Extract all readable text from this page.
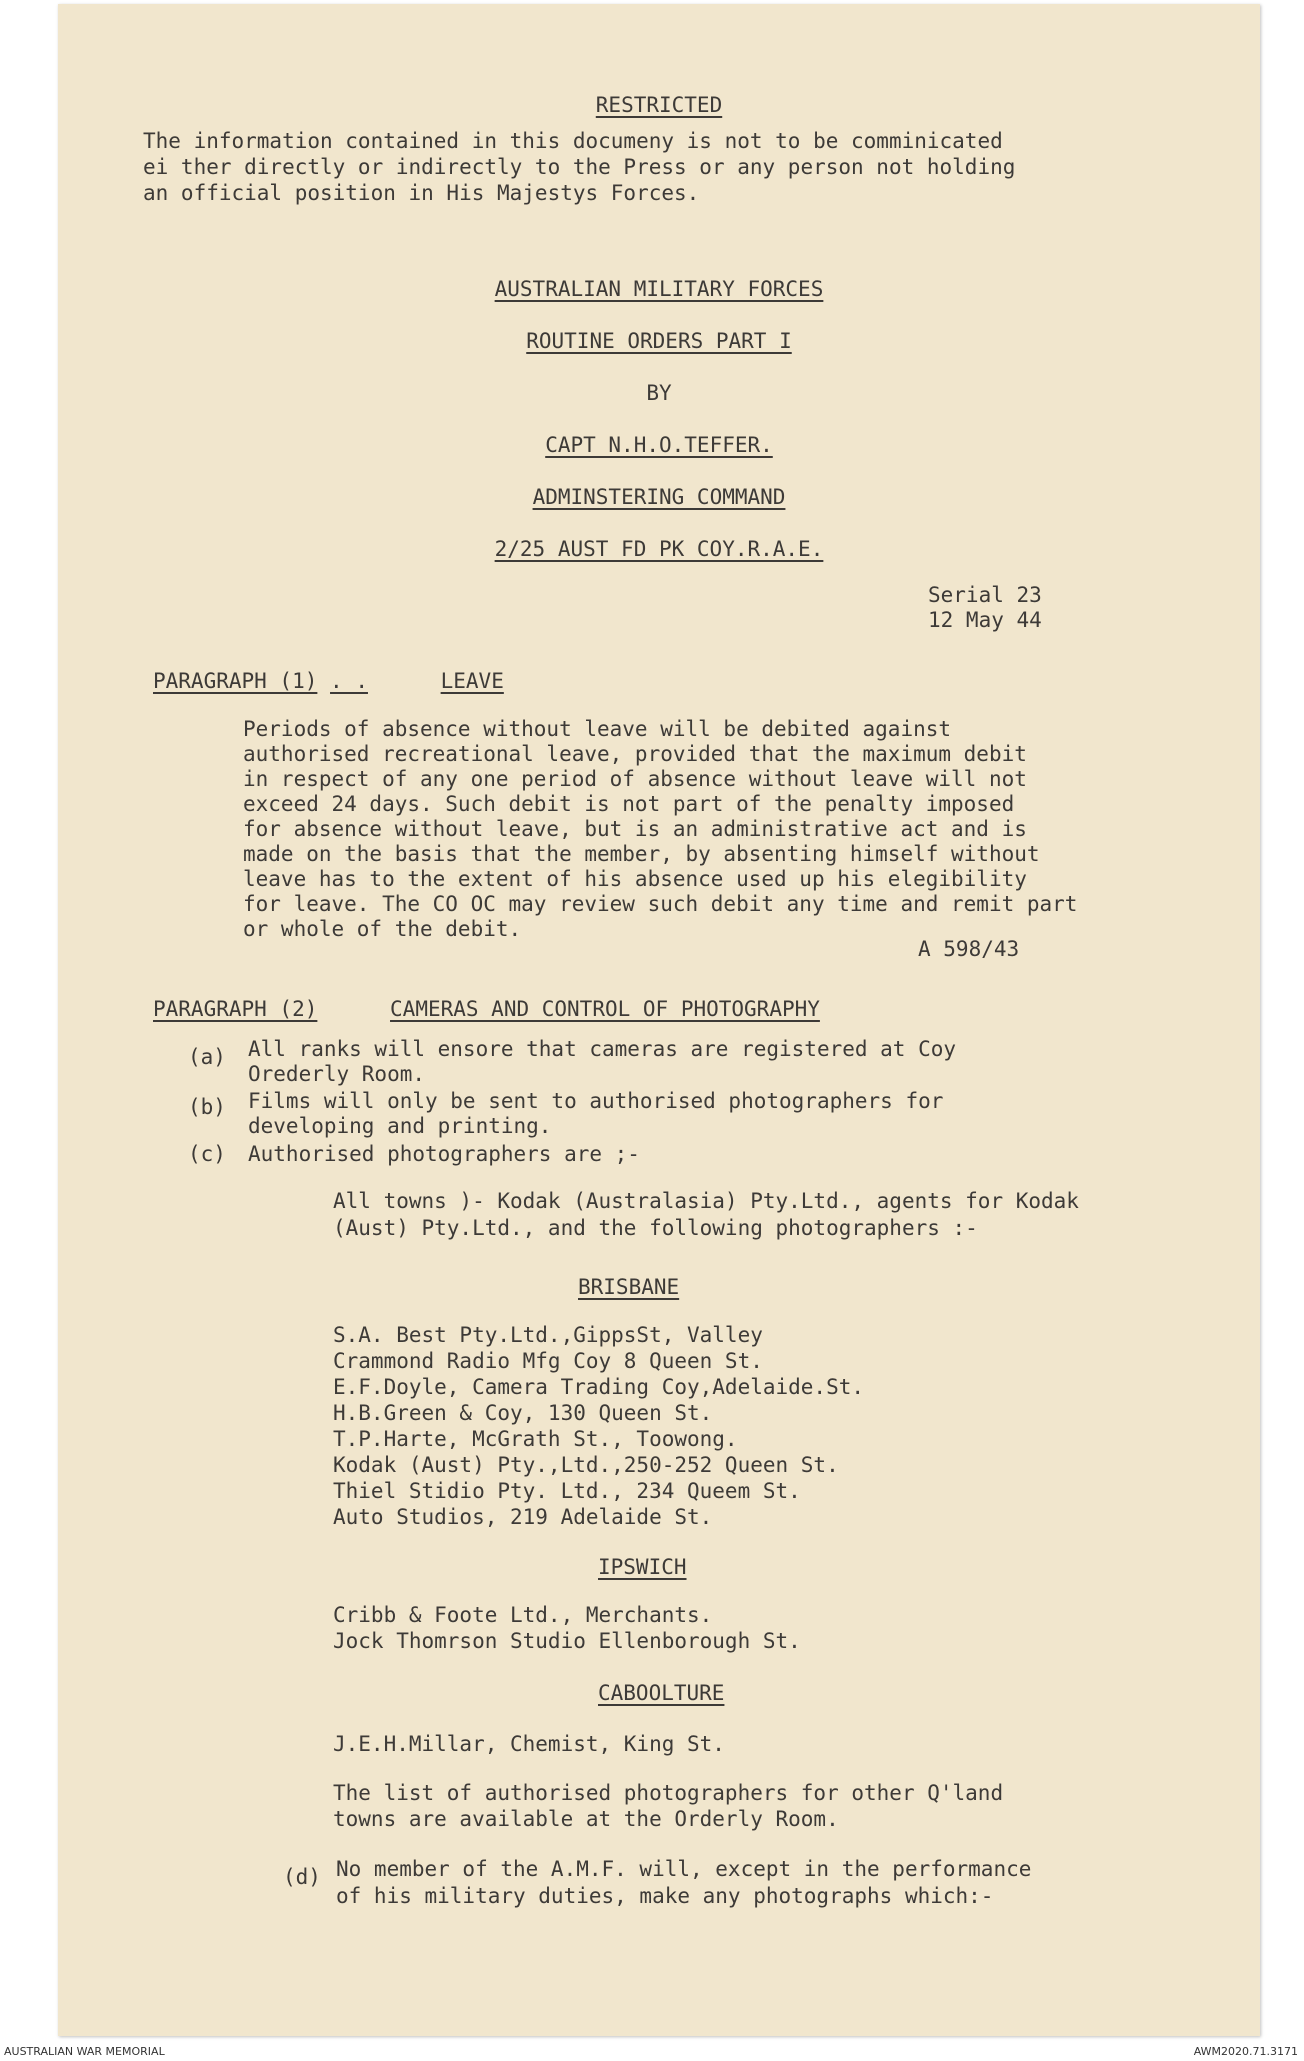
RESTRICTED
The information contained in this documeny is not to be comminicated
ei ther directly or indirectly to the Press or any person not holding
an official position in His Majestys Forces.
AUSTRALIAN MILITARY FORCES
ROUTINE ORDERS PART I
BY
CAPT N.H.O.TEFFER.
ADMINSTERING COMMAND
2/25 AUST FD PK COY.R.A.E.
Serial 23
12 May 44
PARAGRAPH (1) . .	LEAVE
Periods of absence without leave will be debited against
authorised recreational leave, provided that the maximum debit
in respect of any one period of absence without leave will not
exceed 24 days. Such debit is not part of the penalty imposed
for absence without leave, but is an administrative act and is
made on the basis that the member, by absenting himself without
leave has to the extent of his absence used up his elegibility
for leave. The CO OC may review such debit any time and remit part
or whole of the debit.
A 598/43
PARAGRAPH (2)	CAMERAS AND CONTROL OF PHOTOGRAPHY
(a) All ranks will ensore that cameras are registered at Coy
Orederly Room.
(b) Films will only be sent to authorised photographers for
developing and printing.
(c) Authorised photographers are ;-
All towns )- Kodak (Australasia) Pty.Ltd., agents for Kodak
(Aust) Pty.Ltd., and the following photographers :-
BRISBANE
S.A. Best Pty.Ltd.,GippsSt, Valley
Crammond Radio Mfg Coy 8 Queen St.
E.F.Doyle, Camera Trading Coy,Adelaide.St.
H.B.Green & Coy, 130 Queen St.
T.P.Harte, McGrath St., Toowong.
Kodak (Aust) Pty.,Ltd.,250-252 Queen St.
Thiel Stidio Pty. Ltd., 234 Queem St.
Auto Studios, 219 Adelaide St.
IPSWICH
Cribb & Foote Ltd., Merchants.
Jock Thomrson Studio Ellenborough St.
CABOOLTURE
J.E.H.Millar, Chemist, King St.
The list of authorised photographers for other Q'land
towns are available at the Orderly Room.
(d) No member of the A.M.F. will, except in the performance
of his military duties, make any photographs which:-
AUSTRALIAN WAR MEMORIAL	AWM2020.71.3171
